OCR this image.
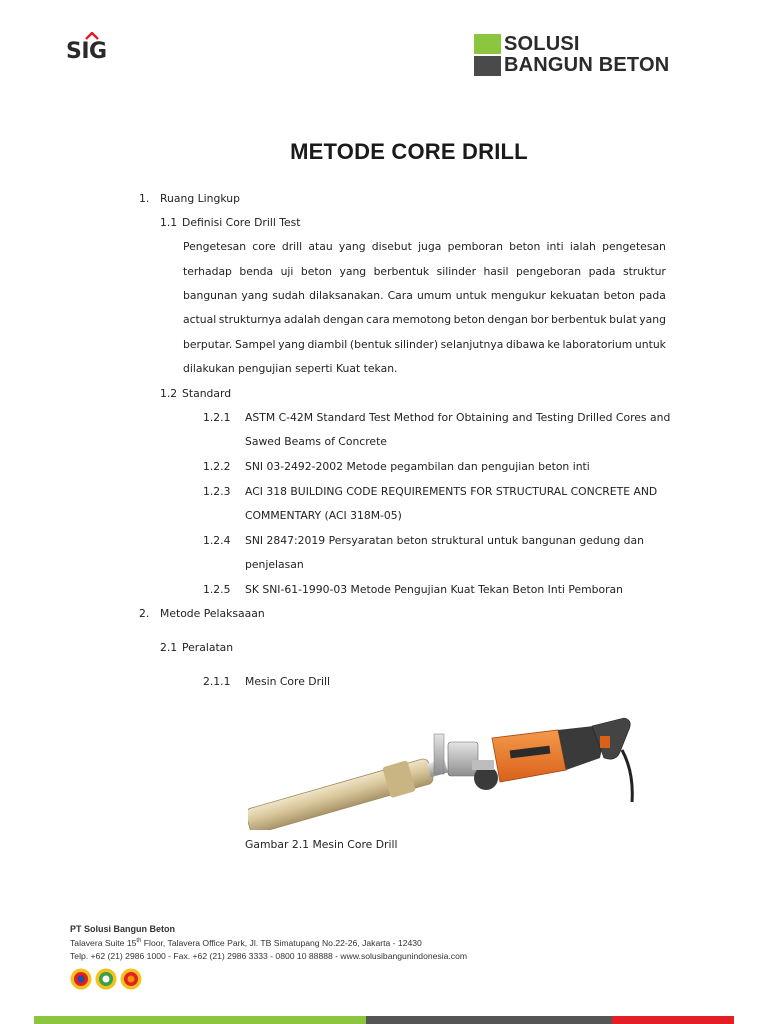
SIG	SOLUSI
BANGUN BETON
METODE CORE DRILL
1. Ruang Lingkup
1.1 Definisi Core Drill Test
Pengetesan core drill atau yang disebut juga pemboran beton inti ialah pengetesan
terhadap benda uji beton yang berbentuk silinder hasil pengeboran pada struktur
bangunan yang sudah dilaksanakan. Cara umum untuk mengukur kekuatan beton pada
actual strukturnya adalah dengan cara memotong beton dengan bor berbentuk bulat yang
berputar. Sampel yang diambil (bentuk silinder) selanjutnya dibawa ke laboratorium untuk
dilakukan pengujian seperti Kuat tekan.
1.2 Standard
1.2.1 ASTM C-42M Standard Test Method for Obtaining and Testing Drilled Cores and
Sawed Beams of Concrete
1.2.2 SNI 03-2492-2002 Metode pegambilan dan pengujian beton inti
1.2.3 ACI 318 BUILDING CODE REQUIREMENTS FOR STRUCTURAL CONCRETE AND
COMMENTARY (ACI 318M-05)
1.2.4 SNI 2847:2019 Persyaratan beton struktural untuk bangunan gedung dan
penjelasan
1.2.5 SK SNI-61-1990-03 Metode Pengujian Kuat Tekan Beton Inti Pemboran
2. Metode Pelaksaaan
2.1 Peralatan
2.1.1 Mesin Core Drill
Gambar 2.1 Mesin Core Drill
PT Solusi Bangun Beton
Talavera Suite 15th Floor, Talavera Office Park, Jl. TB Simatupang No.22-26, Jakarta - 12430
Telp. +62 (21) 2986 1000 - Fax. +62 (21) 2986 3333 - 0800 10 88888 - www.solusibangunindonesia.com
